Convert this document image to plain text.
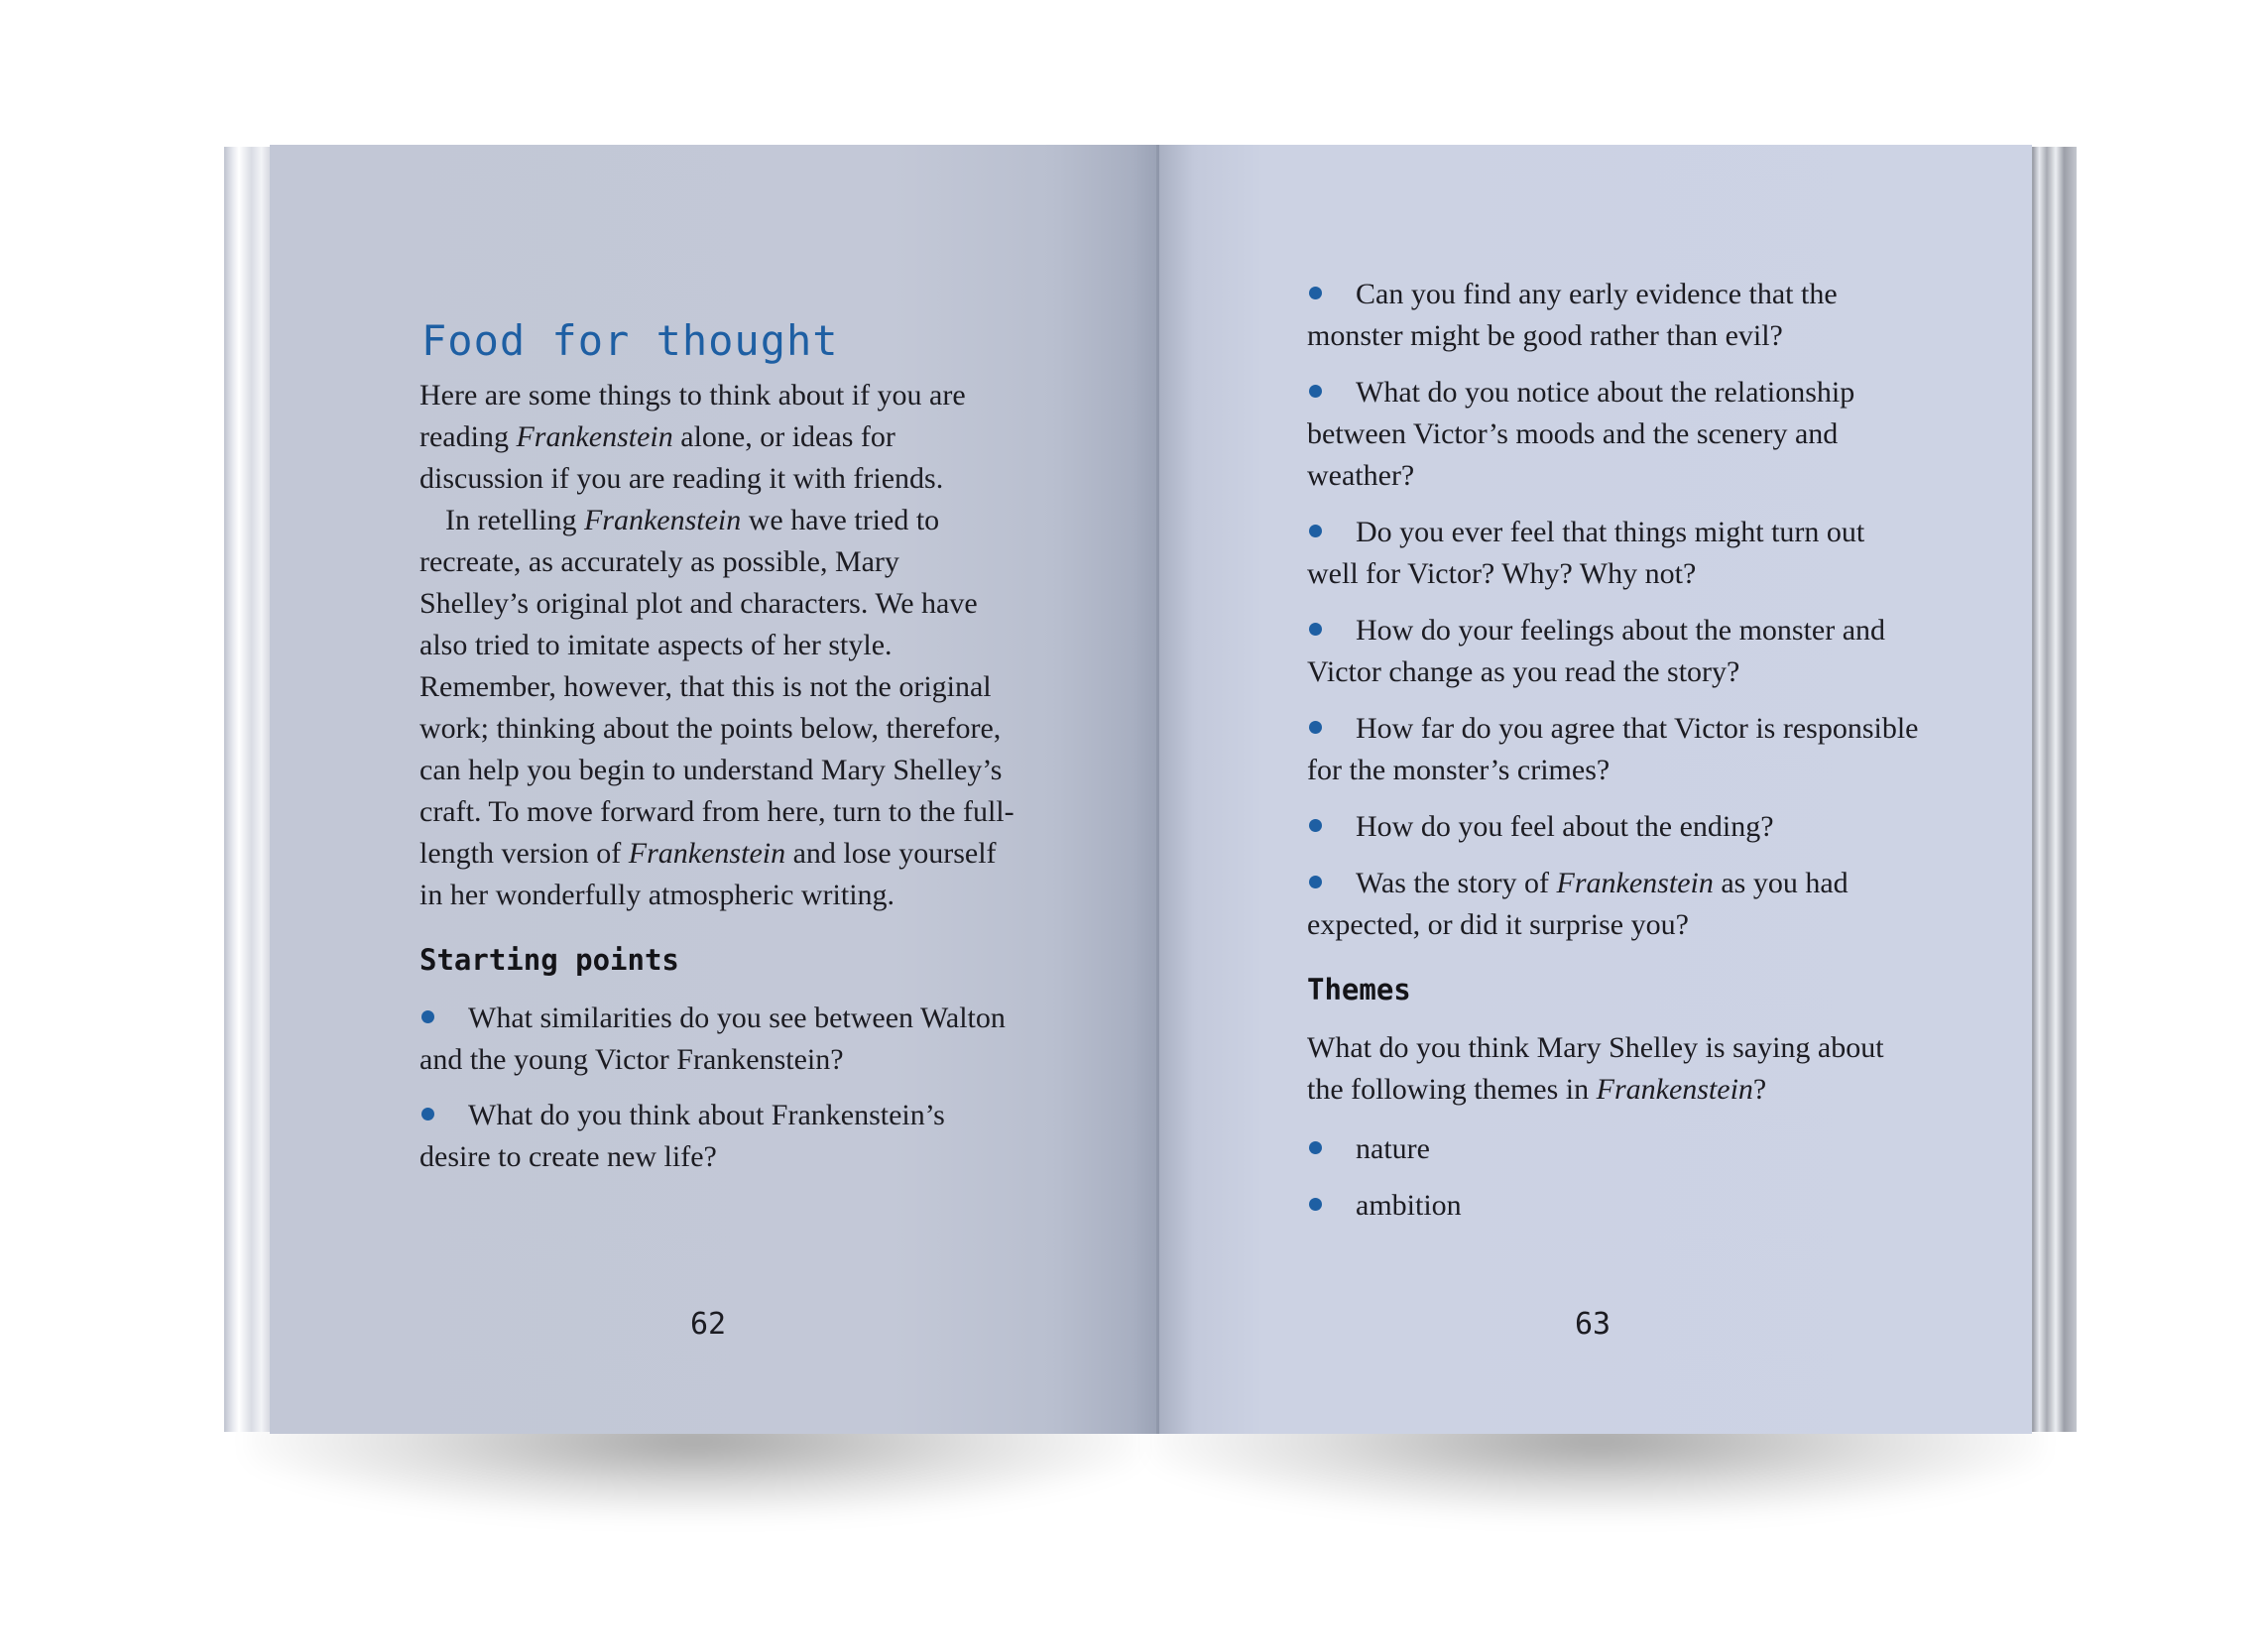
Food for thought

Here are some things to think about if you are reading Frankenstein alone, or ideas for discussion if you are reading it with friends.

In retelling Frankenstein we have tried to recreate, as accurately as possible, Mary Shelley’s original plot and characters. We have also tried to imitate aspects of her style. Remember, however, that this is not the original work; thinking about the points below, therefore, can help you begin to understand Mary Shelley’s craft. To move forward from here, turn to the full-length version of Frankenstein and lose yourself in her wonderfully atmospheric writing.

Starting points
What similarities do you see between Walton and the young Victor Frankenstein?
What do you think about Frankenstein’s desire to create new life?
62
Can you find any early evidence that the monster might be good rather than evil?
What do you notice about the relationship between Victor’s moods and the scenery and weather?
Do you ever feel that things might turn out well for Victor? Why? Why not?
How do your feelings about the monster and Victor change as you read the story?
How far do you agree that Victor is responsible for the monster’s crimes?
How do you feel about the ending?
Was the story of Frankenstein as you had expected, or did it surprise you?
Themes

What do you think Mary Shelley is saying about the following themes in Frankenstein?

nature
ambition
63
